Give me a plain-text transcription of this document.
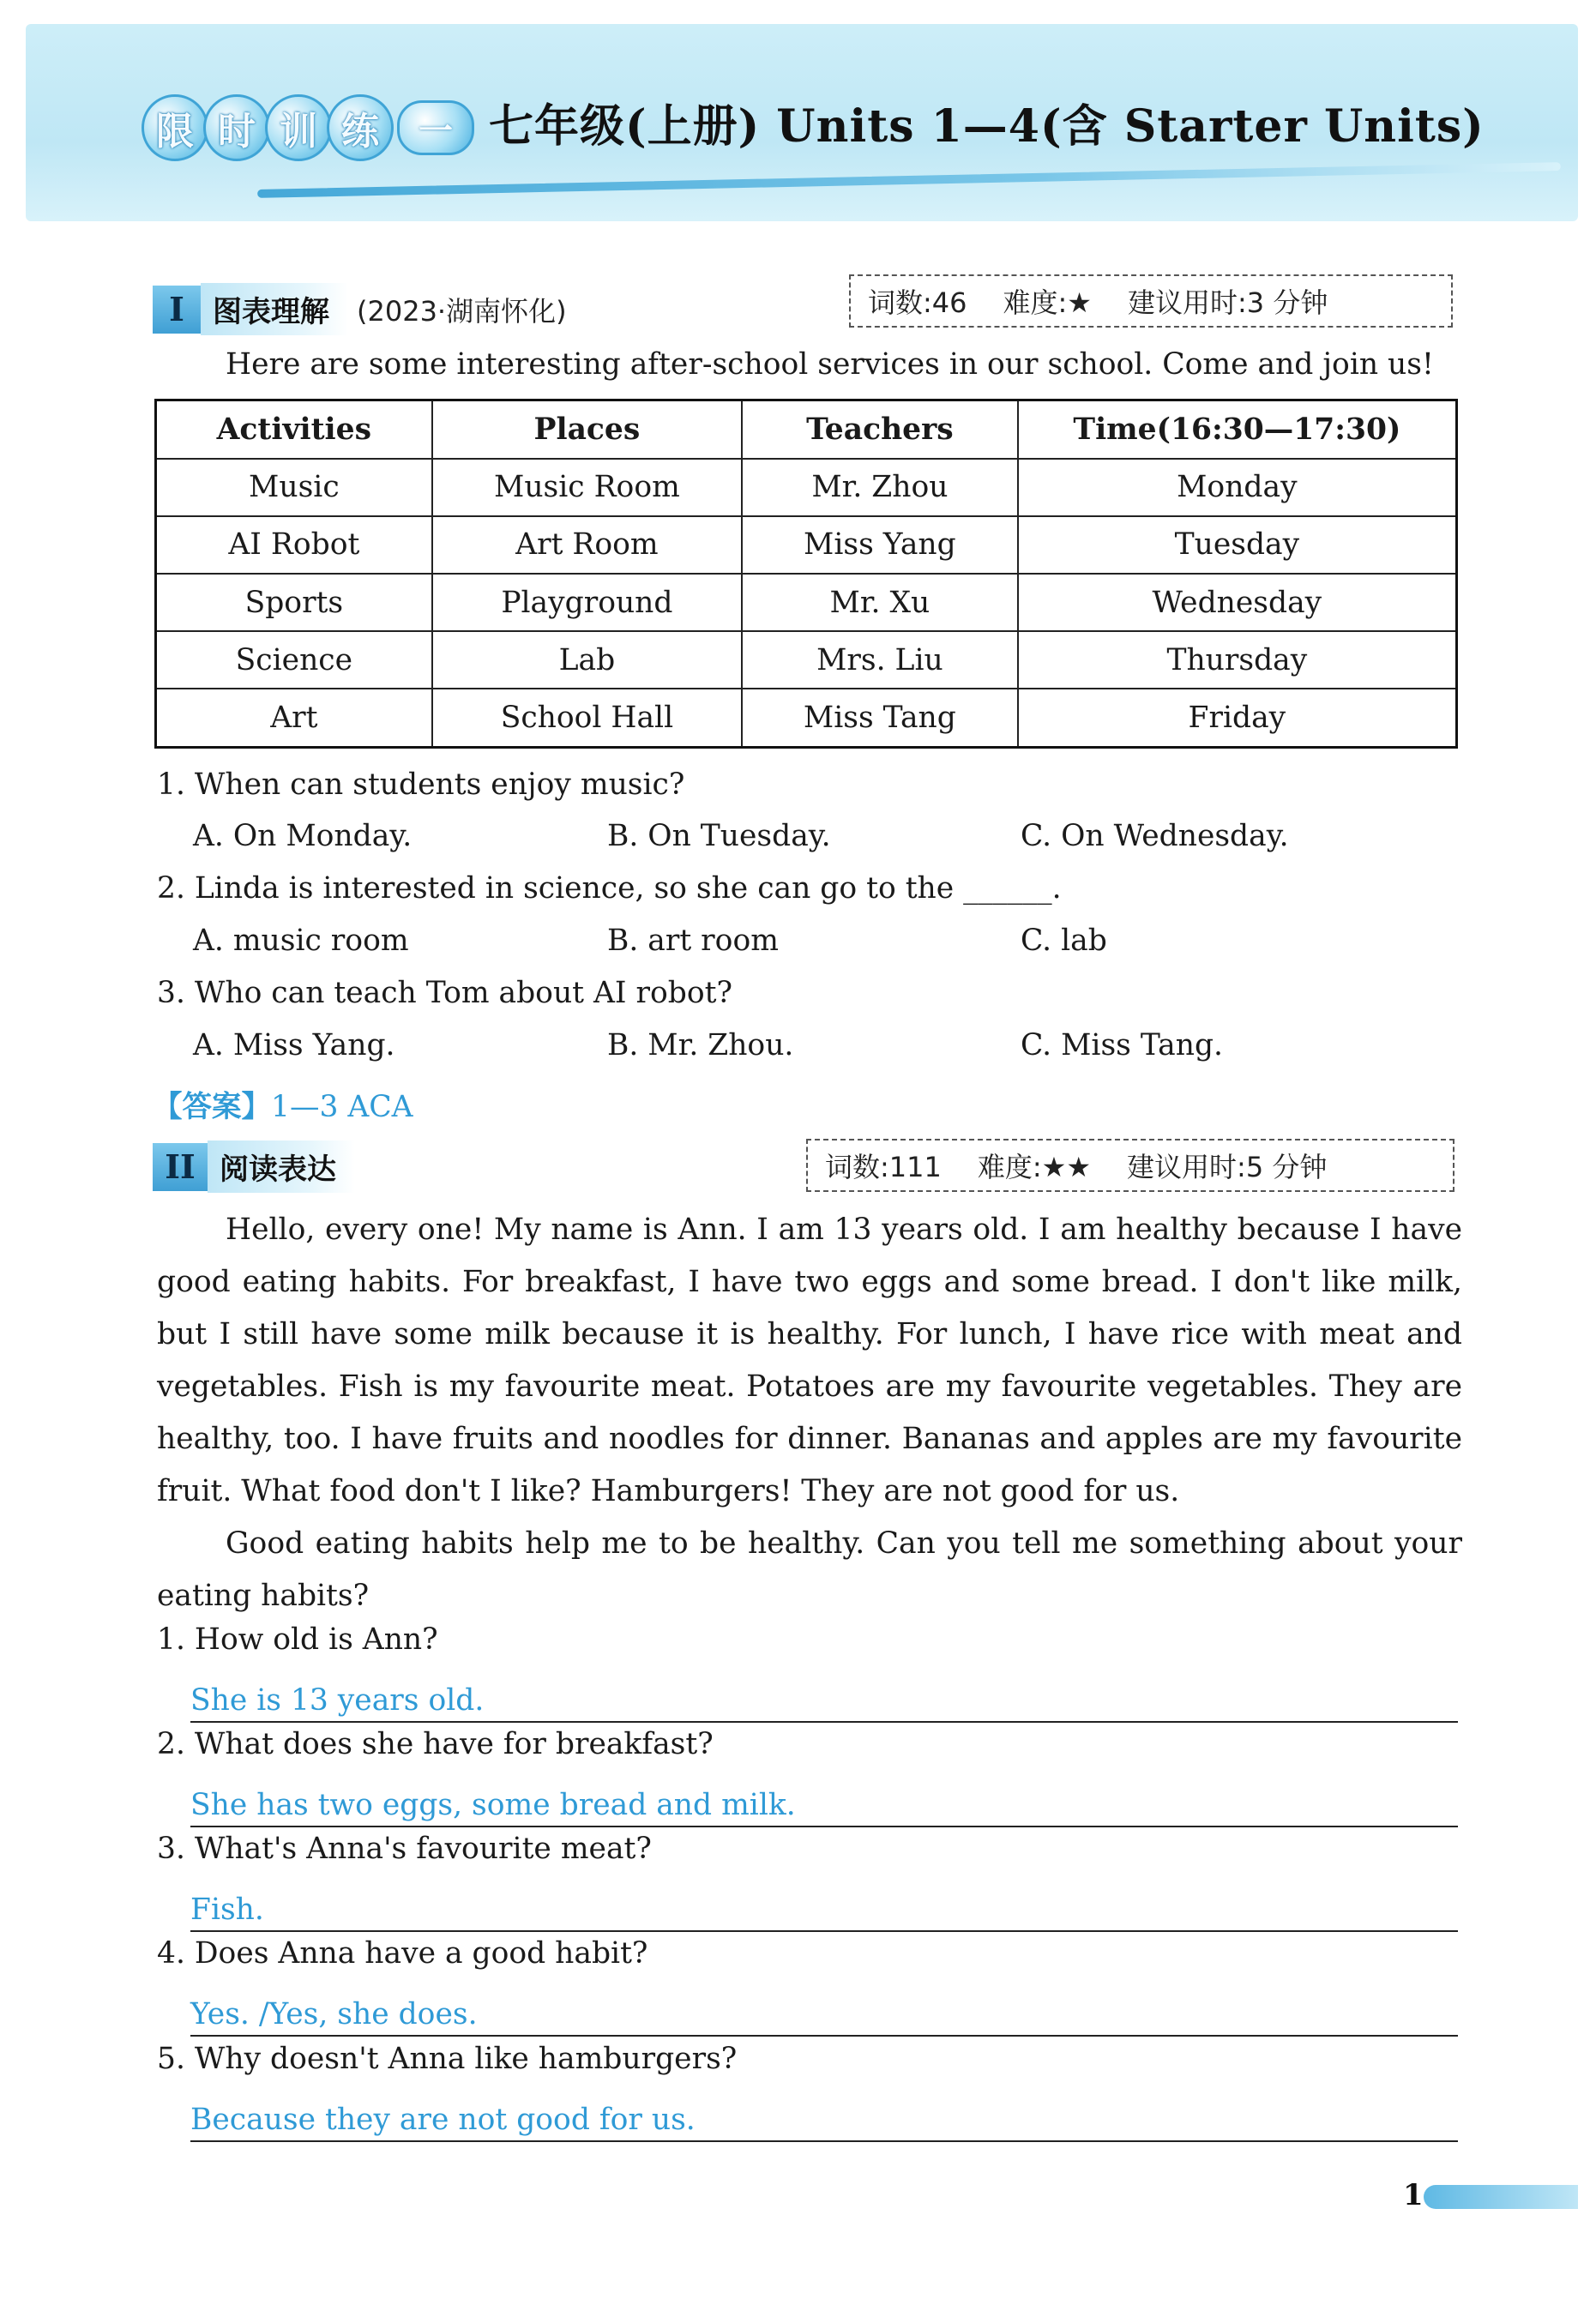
限 时 训 练	一 七年级(上册) Units 1—4(含 Starter Units)
I 图表理解	(2023·湖南怀化)	词数:46 难度:★ 建议用时:3 分钟
Here are some interesting after-school services in our school. Come and join us!
Activities	Places	Teachers	Time(16:30—17:30)
Music	Music Room	Mr. Zhou	Monday
AI Robot	Art Room	Miss Yang	Tuesday
Sports	Playground	Mr. Xu	Wednesday
Science	Lab	Mrs. Liu	Thursday
Art	School Hall	Miss Tang	Friday
1. When can students enjoy music?
A. On Monday.	B. On Tuesday.	C. On Wednesday.
2. Linda is interested in science, so she can go to the ______.
A. music room	B. art room	C. lab
3. Who can teach Tom about AI robot?
A. Miss Yang.	B. Mr. Zhou.	C. Miss Tang.
【答案】1—3 ACA
II 阅读表达	词数:111 难度:★★ 建议用时:5 分钟
Hello, every one! My name is Ann. I am 13 years old. I am healthy because I have good eating habits. For breakfast, I have two eggs and some bread. I don't like milk, but I still have some milk because it is healthy. For lunch, I have rice with meat and vegetables. Fish is my favourite meat. Potatoes are my favourite vegetables. They are healthy, too. I have fruits and noodles for dinner. Bananas and apples are my favourite fruit. What food don't I like? Hamburgers! They are not good for us.
Good eating habits help me to be healthy. Can you tell me something about your eating habits?
1. How old is Ann?
She is 13 years old.
2. What does she have for breakfast?
She has two eggs, some bread and milk.
3. What's Anna's favourite meat?
Fish.
4. Does Anna have a good habit?
Yes. /Yes, she does.
5. Why doesn't Anna like hamburgers?
Because they are not good for us.
1
